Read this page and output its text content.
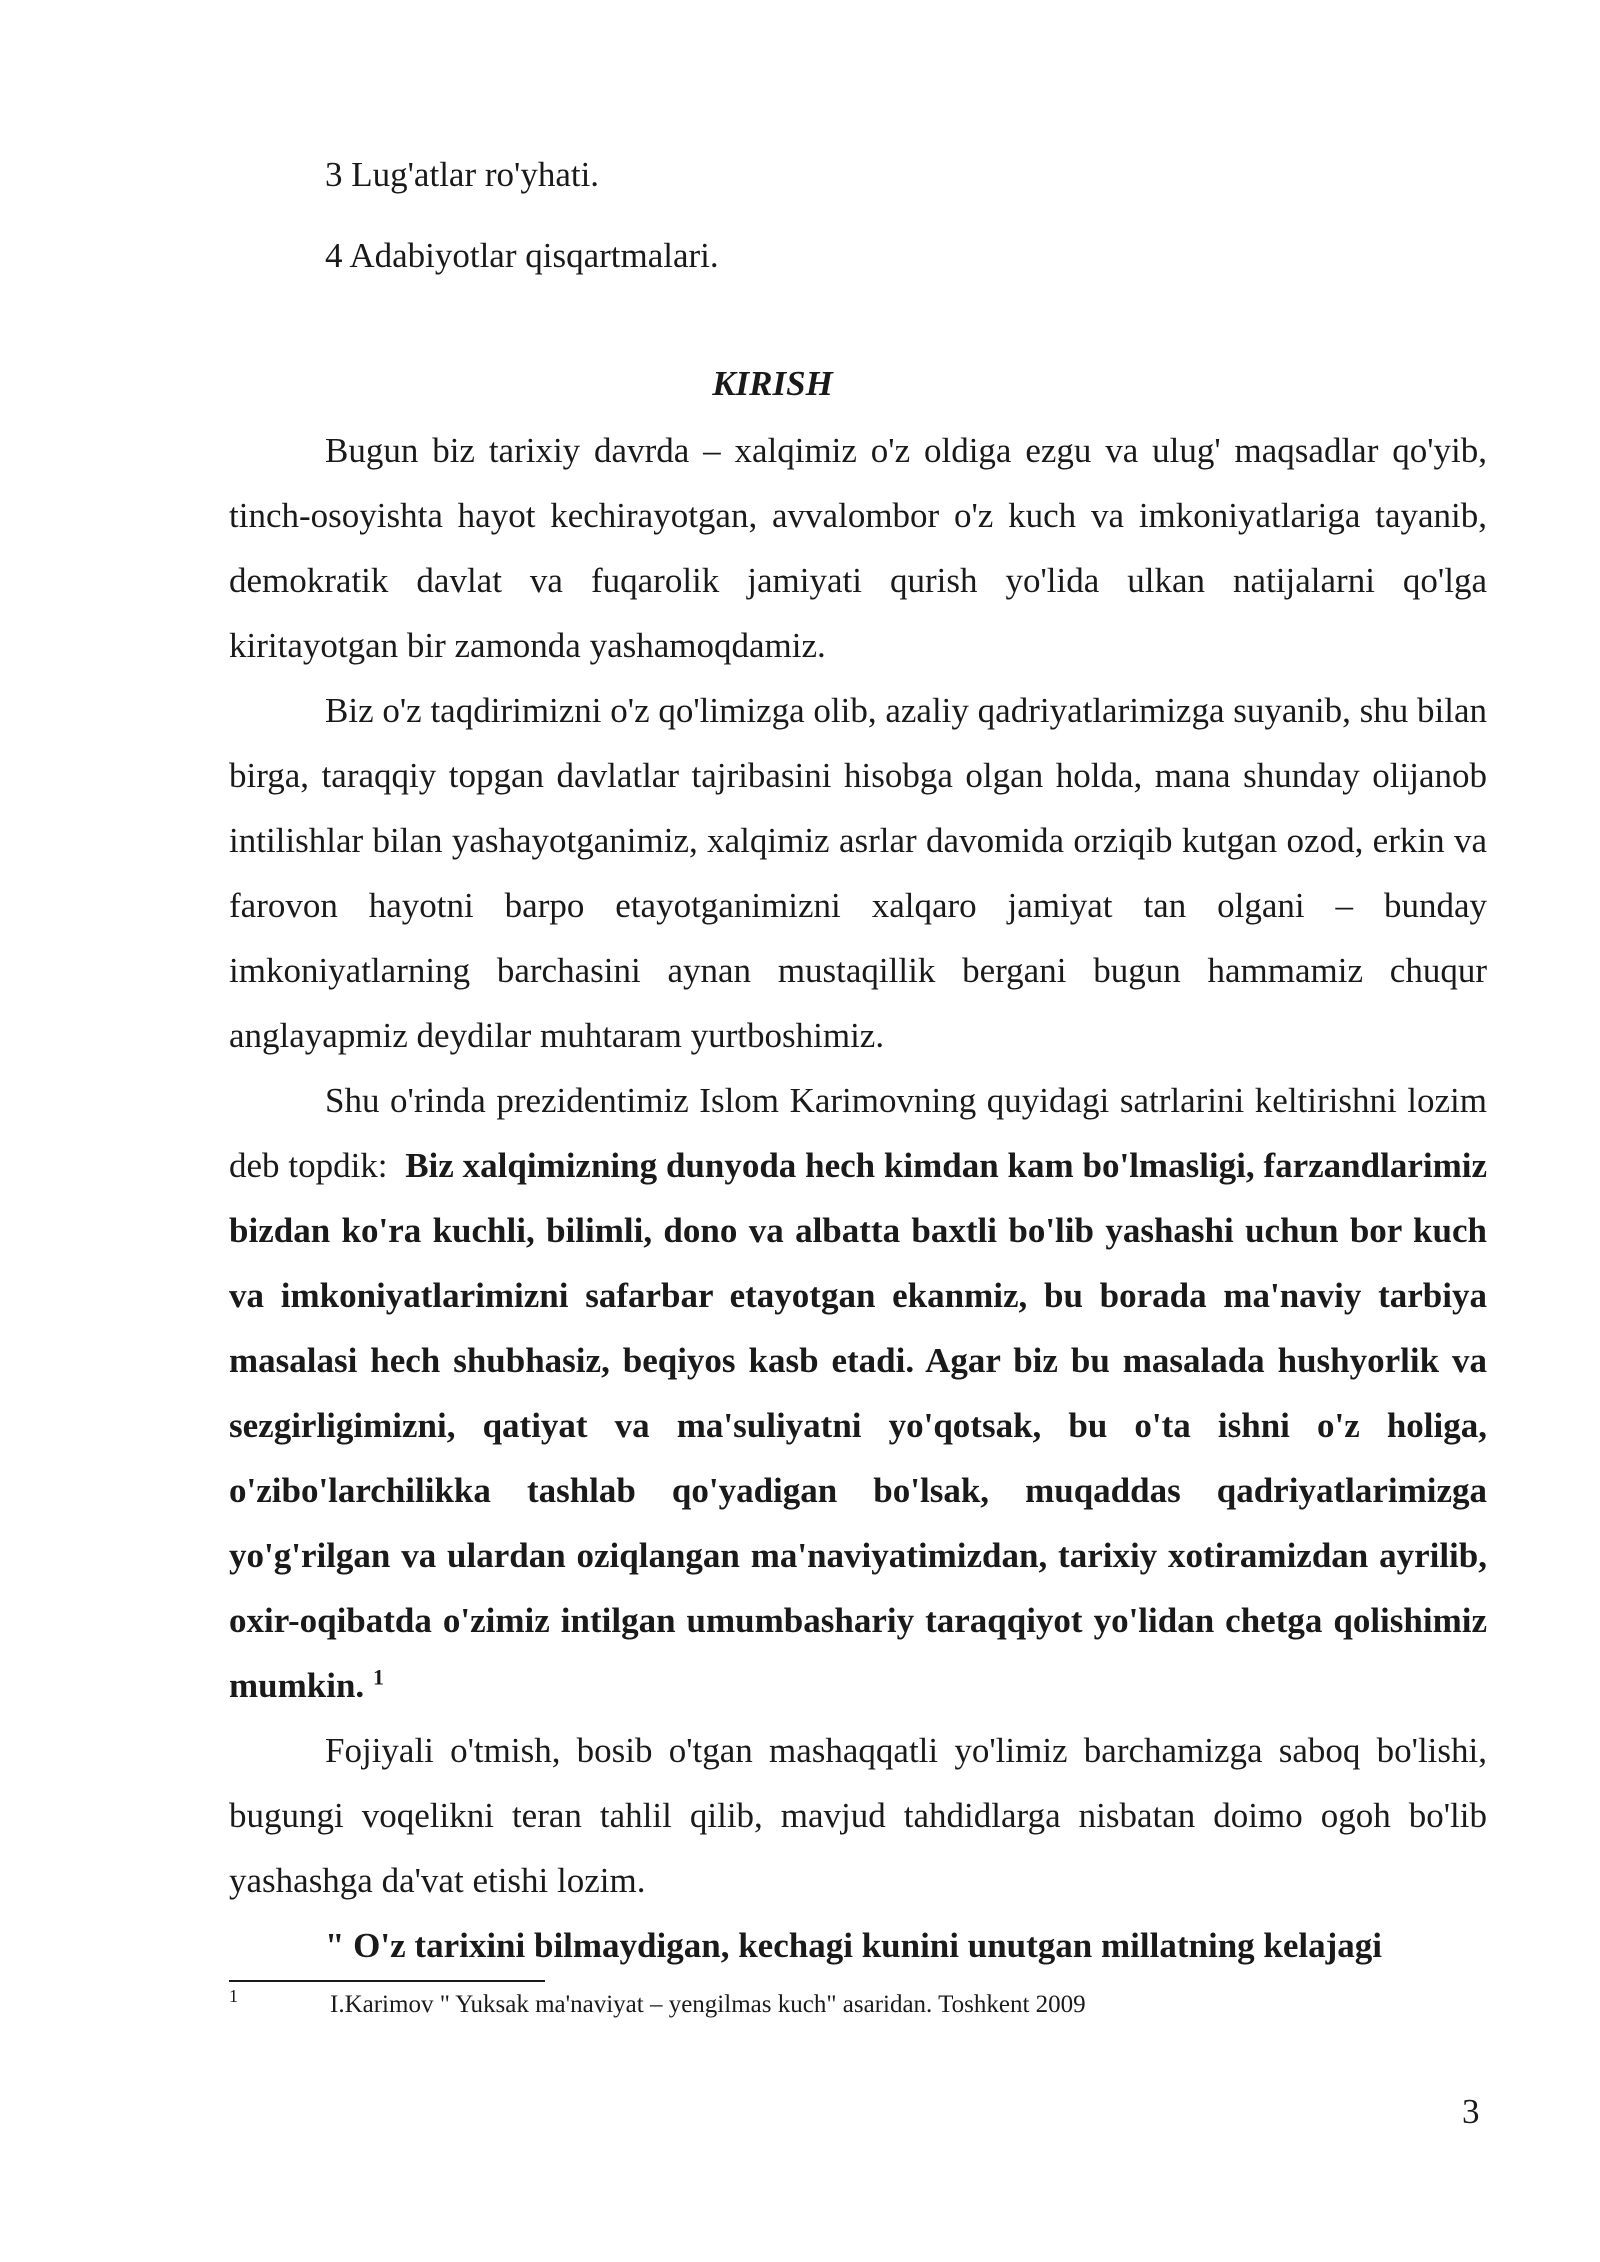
3 Lug'atlar ro'yhati.
4 Adabiyotlar qisqartmalari.
KIRISH

Bugun biz tarixiy davrda – xalqimiz o'z oldiga ezgu va ulug' maqsadlar qo'yib, tinch-osoyishta hayot kechirayotgan, avvalombor o'z kuch va imkoniyatlariga tayanib, demokratik davlat va fuqarolik jamiyati qurish yo'lida ulkan natijalarni qo'lga kiritayotgan bir zamonda yashamoqdamiz.

Biz o'z taqdirimizni o'z qo'limizga olib, azaliy qadriyatlarimizga suyanib, shu bilan birga, taraqqiy topgan davlatlar tajribasini hisobga olgan holda, mana shunday olijanob intilishlar bilan yashayotganimiz, xalqimiz asrlar davomida orziqib kutgan ozod, erkin va farovon hayotni barpo etayotganimizni xalqaro jamiyat tan olgani – bunday imkoniyatlarning barchasini aynan mustaqillik bergani bugun hammamiz chuqur anglayapmiz deydilar muhtaram yurtboshimiz.

Shu o'rinda prezidentimiz Islom Karimovning quyidagi satrlarini keltirishni lozim deb topdik: Biz xalqimizning dunyoda hech kimdan kam bo'lmasligi, farzandlarimiz bizdan ko'ra kuchli, bilimli, dono va albatta baxtli bo'lib yashashi uchun bor kuch va imkoniyatlarimizni safarbar etayotgan ekanmiz, bu borada ma'naviy tarbiya masalasi hech shubhasiz, beqiyos kasb etadi. Agar biz bu masalada hushyorlik va sezgirligimizni, qatiyat va ma'suliyatni yo'qotsak, bu o'ta ishni o'z holiga, o'zibo'larchilikka tashlab qo'yadigan bo'lsak, muqaddas qadriyatlarimizga yo'g'rilgan va ulardan oziqlangan ma'naviyatimizdan, tarixiy xotiramizdan ayrilib, oxir-oqibatda o'zimiz intilgan umumbashariy taraqqiyot yo'lidan chetga qolishimiz mumkin. $^1$

Fojiyali o'tmish, bosib o'tgan mashaqqatli yo'limiz barchamizga saboq bo'lishi, bugungi voqelikni teran tahlil qilib, mavjud tahdidlarga nisbatan doimo ogoh bo'lib yashashga da'vat etishi lozim.

" O'z tarixini bilmaydigan, kechagi kunini unutgan millatning kelajagi

1	I.Karimov " Yuksak ma'naviyat – yengilmas kuch" asaridan. Toshkent 2009
3
